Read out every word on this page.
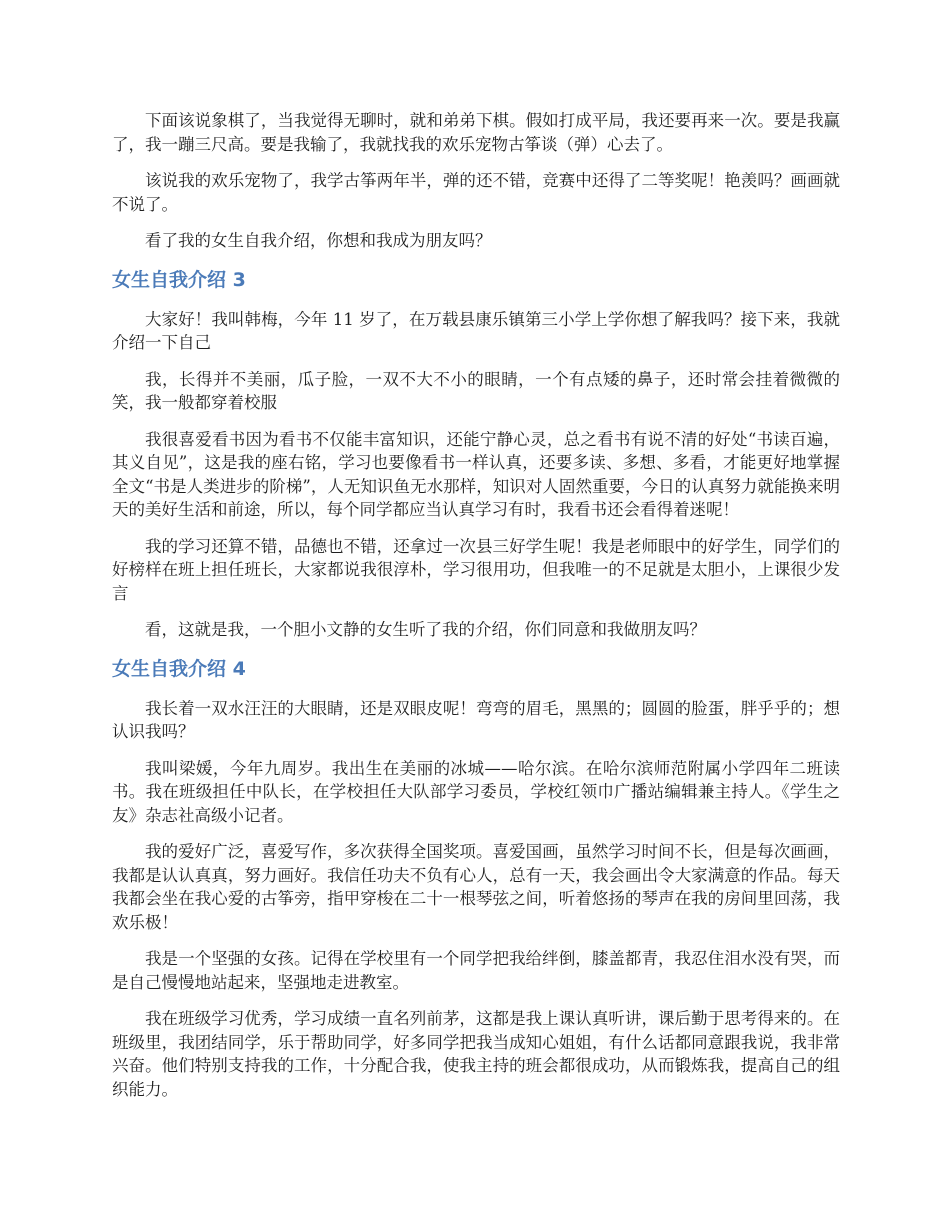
下面该说象棋了，当我觉得无聊时，就和弟弟下棋。假如打成平局，我还要再来一次。要是我赢了，我一蹦三尺高。要是我输了，我就找我的欢乐宠物古筝谈（弹）心去了。

该说我的欢乐宠物了，我学古筝两年半，弹的还不错，竞赛中还得了二等奖呢！艳羡吗？画画就不说了。

看了我的女生自我介绍，你想和我成为朋友吗？

女生自我介绍 3

大家好！我叫韩梅，今年 11 岁了，在万载县康乐镇第三小学上学你想了解我吗？接下来，我就介绍一下自己

我，长得并不美丽，瓜子脸，一双不大不小的眼睛，一个有点矮的鼻子，还时常会挂着微微的笑，我一般都穿着校服

我很喜爱看书因为看书不仅能丰富知识，还能宁静心灵，总之看书有说不清的好处“书读百遍，其义自见”，这是我的座右铭，学习也要像看书一样认真，还要多读、多想、多看，才能更好地掌握全文“书是人类进步的阶梯”，人无知识鱼无水那样，知识对人固然重要，今日的认真努力就能换来明天的美好生活和前途，所以，每个同学都应当认真学习有时，我看书还会看得着迷呢！

我的学习还算不错，品德也不错，还拿过一次县三好学生呢！我是老师眼中的好学生，同学们的好榜样在班上担任班长，大家都说我很淳朴，学习很用功，但我唯一的不足就是太胆小，上课很少发言

看，这就是我，一个胆小文静的女生听了我的介绍，你们同意和我做朋友吗？

女生自我介绍 4

我长着一双水汪汪的大眼睛，还是双眼皮呢！弯弯的眉毛，黑黑的；圆圆的脸蛋，胖乎乎的；想认识我吗？

我叫梁媛，今年九周岁。我出生在美丽的冰城——哈尔滨。在哈尔滨师范附属小学四年二班读书。我在班级担任中队长，在学校担任大队部学习委员，学校红领巾广播站编辑兼主持人。《学生之友》杂志社高级小记者。

我的爱好广泛，喜爱写作，多次获得全国奖项。喜爱国画，虽然学习时间不长，但是每次画画，我都是认认真真，努力画好。我信任功夫不负有心人，总有一天，我会画出令大家满意的作品。每天我都会坐在我心爱的古筝旁，指甲穿梭在二十一根琴弦之间，听着悠扬的琴声在我的房间里回荡，我欢乐极！

我是一个坚强的女孩。记得在学校里有一个同学把我给绊倒，膝盖都青，我忍住泪水没有哭，而是自己慢慢地站起来，坚强地走进教室。

我在班级学习优秀，学习成绩一直名列前茅，这都是我上课认真听讲，课后勤于思考得来的。在班级里，我团结同学，乐于帮助同学，好多同学把我当成知心姐姐，有什么话都同意跟我说，我非常兴奋。他们特别支持我的工作，十分配合我，使我主持的班会都很成功，从而锻炼我，提高自己的组织能力。
